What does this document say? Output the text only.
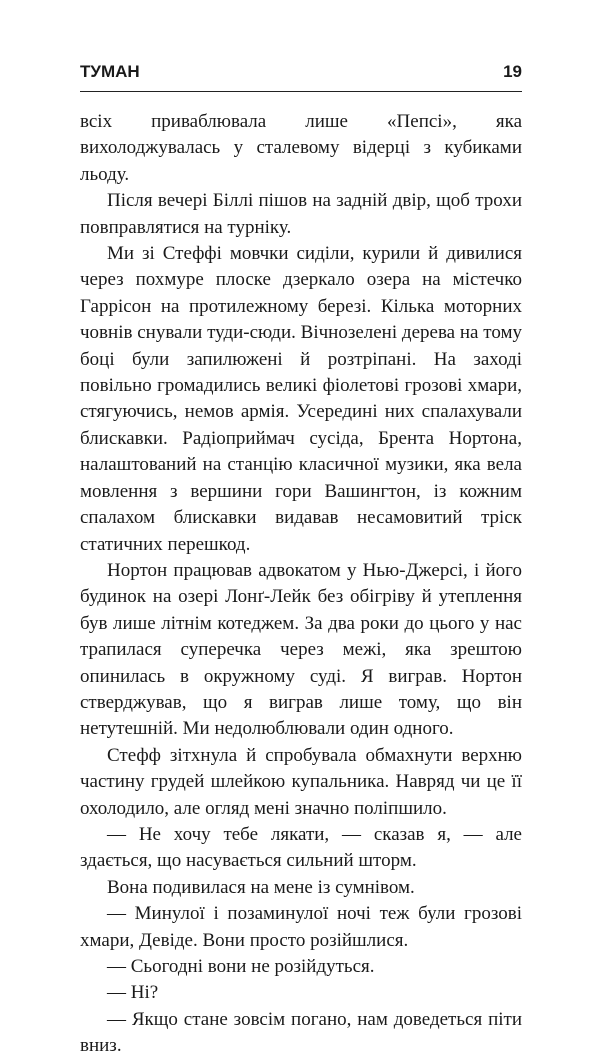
ТУМАН	19

всіх приваблювала лише «Пепсі», яка вихолоджувалась у сталевому відерці з кубиками льоду.

Після вечері Біллі пішов на задній двір, щоб трохи повправлятися на турніку.

Ми зі Стеффі мовчки сиділи, курили й дивилися через похмуре плоске дзеркало озера на містечко Гаррісон на протилежному березі. Кілька моторних човнів снували туди-сюди. Вічнозелені дерева на тому боці були запилюжені й розтріпані. На заході повільно громадились великі фіолетові грозові хмари, стягуючись, немов армія. Усередині них спалахували блискавки. Радіоприймач сусіда, Брента Нортона, налаштований на станцію класичної музики, яка вела мовлення з вершини гори Вашингтон, із кожним спалахом блискавки видавав несамовитий тріск статичних перешкод.

Нортон працював адвокатом у Нью-Джерсі, і його будинок на озері Лонґ-Лейк без обігріву й утеплення був лише літнім котеджем. За два роки до цього у нас трапилася суперечка через межі, яка зрештою опинилась в окружному суді. Я виграв. Нортон стверджував, що я виграв лише тому, що він нетутешній. Ми недолюблювали один одного.

Стефф зітхнула й спробувала обмахнути верхню частину грудей шлейкою купальника. Навряд чи це її охолодило, але огляд мені значно поліпшило.

— Не хочу тебе лякати, — сказав я, — але здається, що насувається сильний шторм.

Вона подивилася на мене із сумнівом.

— Минулої і позаминулої ночі теж були грозові хмари, Девіде. Вони просто розійшлися.

— Сьогодні вони не розійдуться.

— Ні?

— Якщо стане зовсім погано, нам доведеться піти вниз.
